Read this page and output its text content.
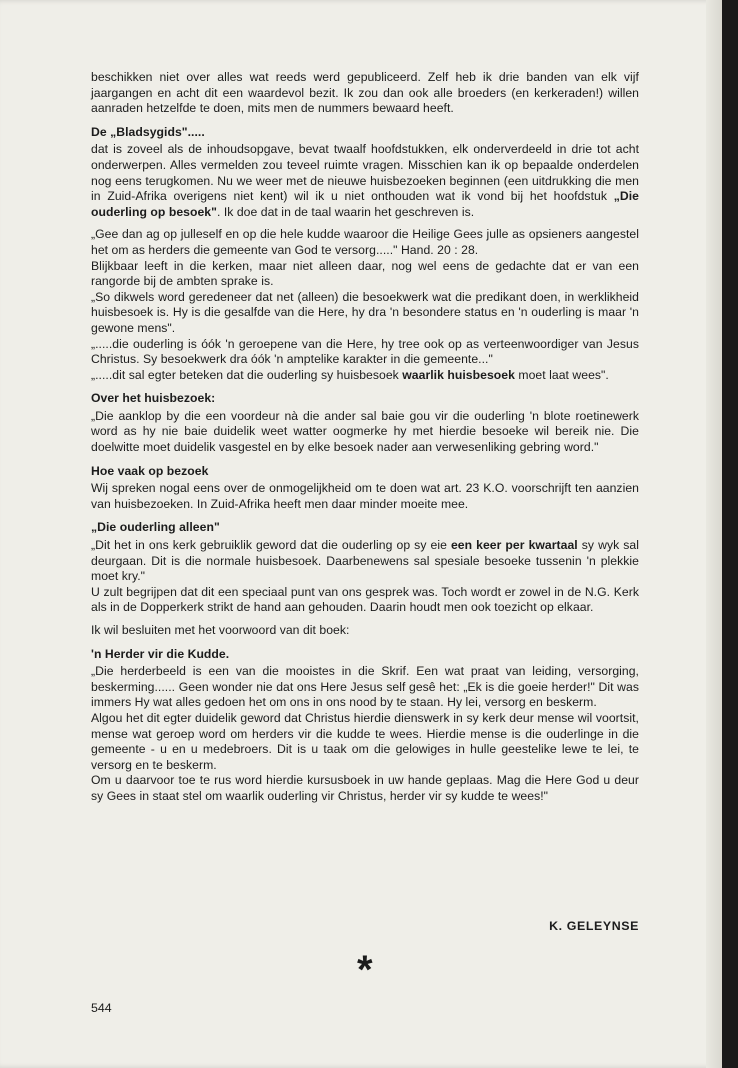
beschikken niet over alles wat reeds werd gepubliceerd. Zelf heb ik drie banden van elk vijf jaargangen en acht dit een waardevol bezit. Ik zou dan ook alle broeders (en kerkeraden!) willen aanraden hetzelfde te doen, mits men de nummers bewaard heeft.

De „Bladsygids".....

dat is zoveel als de inhoudsopgave, bevat twaalf hoofdstukken, elk onderverdeeld in drie tot acht onderwerpen. Alles vermelden zou teveel ruimte vragen. Misschien kan ik op bepaalde onderdelen nog eens terugkomen. Nu we weer met de nieuwe huisbezoeken beginnen (een uitdrukking die men in Zuid-Afrika overigens niet kent) wil ik u niet onthouden wat ik vond bij het hoofdstuk „Die ouderling op besoek". Ik doe dat in de taal waarin het geschreven is.

„Gee dan ag op julleself en op die hele kudde waaroor die Heilige Gees julle as opsieners aangestel het om as herders die gemeente van God te versorg....." Hand. 20 : 28.

Blijkbaar leeft in die kerken, maar niet alleen daar, nog wel eens de gedachte dat er van een rangorde bij de ambten sprake is.

„So dikwels word geredeneer dat net (alleen) die besoekwerk wat die predikant doen, in werklikheid huisbesoek is. Hy is die gesalfde van die Here, hy dra 'n besondere status en 'n ouderling is maar 'n gewone mens".

„.....die ouderling is óók 'n geroepene van die Here, hy tree ook op as verteenwoordiger van Jesus Christus. Sy besoekwerk dra óók 'n amptelike karakter in die gemeente..."

„.....dit sal egter beteken dat die ouderling sy huisbesoek waarlik huisbesoek moet laat wees".

Over het huisbezoek:

„Die aanklop by die een voordeur nà die ander sal baie gou vir die ouderling 'n blote roetinewerk word as hy nie baie duidelik weet watter oogmerke hy met hierdie besoeke wil bereik nie. Die doelwitte moet duidelik vasgestel en by elke besoek nader aan verwesenliking gebring word."

Hoe vaak op bezoek

Wij spreken nogal eens over de onmogelijkheid om te doen wat art. 23 K.O. voorschrijft ten aanzien van huisbezoeken. In Zuid-Afrika heeft men daar minder moeite mee.

„Die ouderling alleen"

„Dit het in ons kerk gebruiklik geword dat die ouderling op sy eie een keer per kwartaal sy wyk sal deurgaan. Dit is die normale huisbesoek. Daarbenewens sal spesiale besoeke tussenin 'n plekkie moet kry."

U zult begrijpen dat dit een speciaal punt van ons gesprek was. Toch wordt er zowel in de N.G. Kerk als in de Dopperkerk strikt de hand aan gehouden. Daarin houdt men ook toezicht op elkaar.

Ik wil besluiten met het voorwoord van dit boek:

'n Herder vir die Kudde.

„Die herderbeeld is een van die mooistes in die Skrif. Een wat praat van leiding, versorging, beskerming...... Geen wonder nie dat ons Here Jesus self gesê het: „Ek is die goeie herder!" Dit was immers Hy wat alles gedoen het om ons in ons nood by te staan. Hy lei, versorg en beskerm.

Algou het dit egter duidelik geword dat Christus hierdie dienswerk in sy kerk deur mense wil voortsit, mense wat geroep word om herders vir die kudde te wees. Hierdie mense is die ouderlinge in die gemeente - u en u medebroers. Dit is u taak om die gelowiges in hulle geestelike lewe te lei, te versorg en te beskerm.

Om u daarvoor toe te rus word hierdie kursusboek in uw hande geplaas. Mag die Here God u deur sy Gees in staat stel om waarlik ouderling vir Christus, herder vir sy kudde te wees!"

K. GELEYNSE
*
544
